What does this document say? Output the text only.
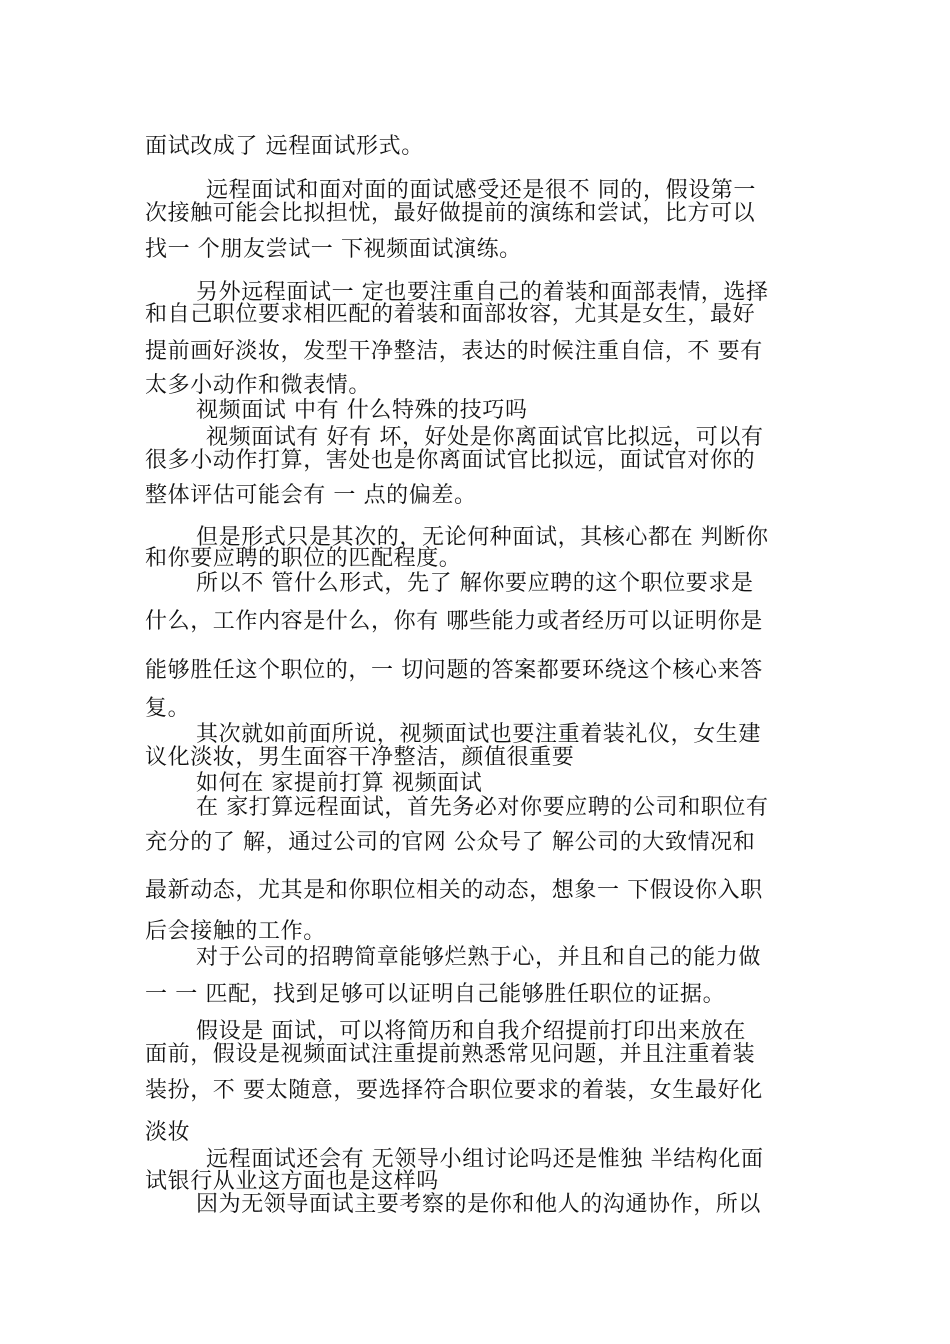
面试改成了 远程面试形式。
远程面试和面对面的面试感受还是很不 同的，假设第一
次接触可能会比拟担忧，最好做提前的演练和尝试，比方可以
找一 个朋友尝试一 下视频面试演练。
另外远程面试一 定也要注重自己的着装和面部表情，选择
和自己职位要求相匹配的着装和面部妆容，尤其是女生，最好
提前画好淡妆，发型干净整洁，表达的时候注重自信，不 要有
太多小动作和微表情。
视频面试 中有 什么特殊的技巧吗
视频面试有 好有 坏，好处是你离面试官比拟远，可以有
很多小动作打算，害处也是你离面试官比拟远，面试官对你的
整体评估可能会有 一 点的偏差。
但是形式只是其次的，无论何种面试，其核心都在 判断你
和你要应聘的职位的匹配程度。
所以不 管什么形式，先了 解你要应聘的这个职位要求是
什么，工作内容是什么，你有 哪些能力或者经历可以证明你是
能够胜任这个职位的，一 切问题的答案都要环绕这个核心来答
复。
其次就如前面所说，视频面试也要注重着装礼仪，女生建
议化淡妆，男生面容干净整洁，颜值很重要
如何在 家提前打算 视频面试
在 家打算远程面试，首先务必对你要应聘的公司和职位有
充分的了 解，通过公司的官网 公众号了 解公司的大致情况和
最新动态，尤其是和你职位相关的动态，想象一 下假设你入职
后会接触的工作。
对于公司的招聘简章能够烂熟于心，并且和自己的能力做
一 一 匹配，找到足够可以证明自己能够胜任职位的证据。
假设是 面试，可以将简历和自我介绍提前打印出来放在
面前，假设是视频面试注重提前熟悉常见问题，并且注重着装
装扮，不 要太随意，要选择符合职位要求的着装，女生最好化
淡妆
远程面试还会有 无领导小组讨论吗还是惟独 半结构化面
试银行从业这方面也是这样吗
因为无领导面试主要考察的是你和他人的沟通协作，所以
